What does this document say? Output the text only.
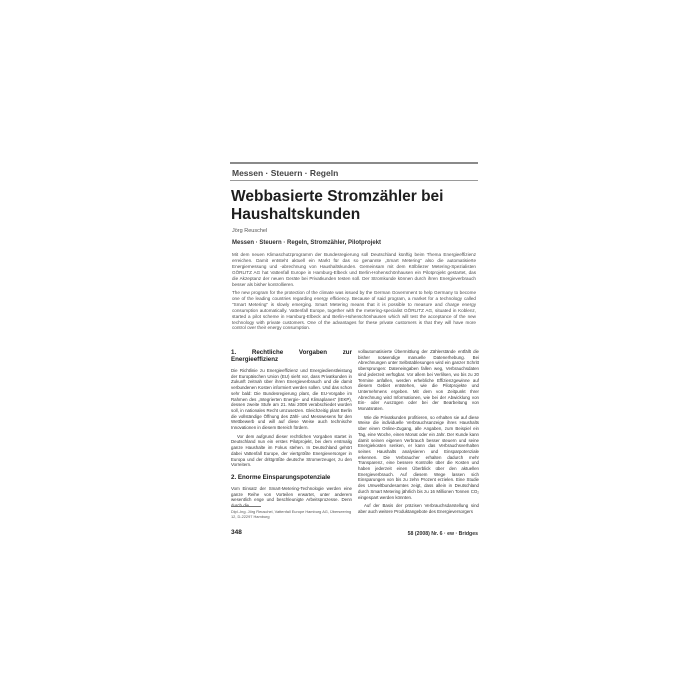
Messen · Steuern · Regeln
Webbasierte Stromzähler bei Haushaltskunden
Jörg Reuschel
Messen · Steuern · Regeln, Stromzähler, Pilotprojekt

Mit dem neuen Klimaschutzprogramm der Bundesregierung soll Deutschland künftig beim Thema Energieeffizienz erreichen. Damit entsteht aktuell ein Markt für das so genannte „Smart Metering“ also die automatisierte Energiemessung und -abrechnung von Haushaltskunden. Gemeinsam mit dem Kölbliezer Metering-Spezialisten GÖRLITZ AG hat Vattenfall Europe in Hamburg-Elbeck und Berlin-Hohenschönhausen ein Pilotprojekt gestartet, das die Akzeptanz der neuen Geräte bei Privatkunden testen soll. Der Stromkunde können durch ihren Energieverbrauch besser als bisher kontrollieren.

The new program for the protection of the climate was issued by the German Government to help Germany to become one of the leading countries regarding energy efficiency. Because of said program, a market for a technology called "Smart Metering" is slowly emerging. Smart Metering means that it is possible to measure and charge energy consumption automatically. Vattenfall Europe, together with the metering-specialist GÖRLITZ AG, situated in Koblenz, started a pilot scheme in Hamburg-Elbeck and Berlin-Hohenschönhausen which will test the acceptance of the new technology with private customers. One of the advantages for these private customers is that they will have more control over their energy consumption.

1. Rechtliche Vorgaben zur Energieeffizienz

Die Richtlinie zu Energieeffizienz und Energiedienstleistung der Europäischen Union (EU) sieht vor, dass Privatkunden in Zukunft zeitnah über ihren Energieverbrauch und die damit verbundenen Kosten informiert werden sollen. Und das schon sehr bald: Die Bundesregierung plant, die EU-Vorgabe im Rahmen des „Integrierten Energie- und Klimaplanes“ (IEKP), dessen zweite Stufe am 21. Mai 2008 verabschiedet worden soll, in nationales Recht umzusetzen. Gleichzeitig plant Berlin die vollständige Öffnung des Zähl- und Messwesens für den Wettbewerb und will auf diese Weise auch technische Innovationen in diesem Bereich fördern.

Vor dem aufgrund dieser rechtlichen Vorgaben startet in Deutschland nun ein erstes Pilotprojekt, bei dem erstmalig ganze Haushalte im Fokus stehen. In Deutschland gehört dabei Vattenfall Europe, der viertgrößte Energieversorger in Europa und der drittgrößte deutsche Stromerzeuger, zu den Vorreitern.

2. Enorme Einsparungspotenziale

Vom Einsatz der Smart-Metering-Technologie werden eine ganze Reihe von Vorteilen erwartet, unter anderem wesentlich enge und beschleunigte Arbeitsprozesse. Denn durch die

vollautomatisierte Übermittlung der Zählerstände entfällt die bisher notwendige manuelle Datenerhebung. Bei Abrechnungen unter Selbstablesungen wird ein ganzer Schritt übersprungen: Dateneingaben fallen weg, Verbrauchsdaten sind jederzeit verfügbar. Vor allem bei Verlilsen, wo bis zu 20 Termine anfallen, werden erhebliche Effizienzgewinne auf diesem Gebiet entstehen, wie die Pilotprojekte und Unternehmens ergeben. Mit dem von Zeitpunkt Ihrer Abrechnung wird Informationen, wie bei der Abwicklung von Ein- oder Auszügen oder bei der Bearbeitung von Monatsraten.

Wie die Privatkunden profitieren, so erhalten sie auf diese Weise die individuelle Verbrauchsanzeige ihres Haushalts über einen Online-Zugang, alle Angaben, zum Beispiel ein Tag, eine Woche, einen Monat oder ein Jahr. Der Kunde kann damit seinen eigenen Verbrauch besser steuern und seine Energiekosten senken, er kann das Verbrauchsverhalten seines Haushalts analysieren und Einsparpotenziale erkennen. Die Verbraucher erhalten dadurch mehr Transparenz, eine bessere Kontrolle über die Kosten und haben jederzeit einen Überblick über den aktuellen Energieverbrauch. Auf diesem Wege lassen sich Einsparungen von bis zu zehn Prozent erzielen. Eine Studie des Umweltbundesamtes zeigt, dass allein in Deutschland durch Smart Metering jährlich bis zu 16 Millionen Tonnen CO₂ eingespart werden könnten.

Auf der Basis der präzisen Verbrauchsdarstellung sind aber auch weitere Produktangebote des Energieversorgers

Dipl.-Ing. Jörg Reuschel, Vattenfall Europe Hamburg AG, Überseering 12, D-22297 Hamburg
348	58 (2008) Nr. 6 · ew · Bridges
